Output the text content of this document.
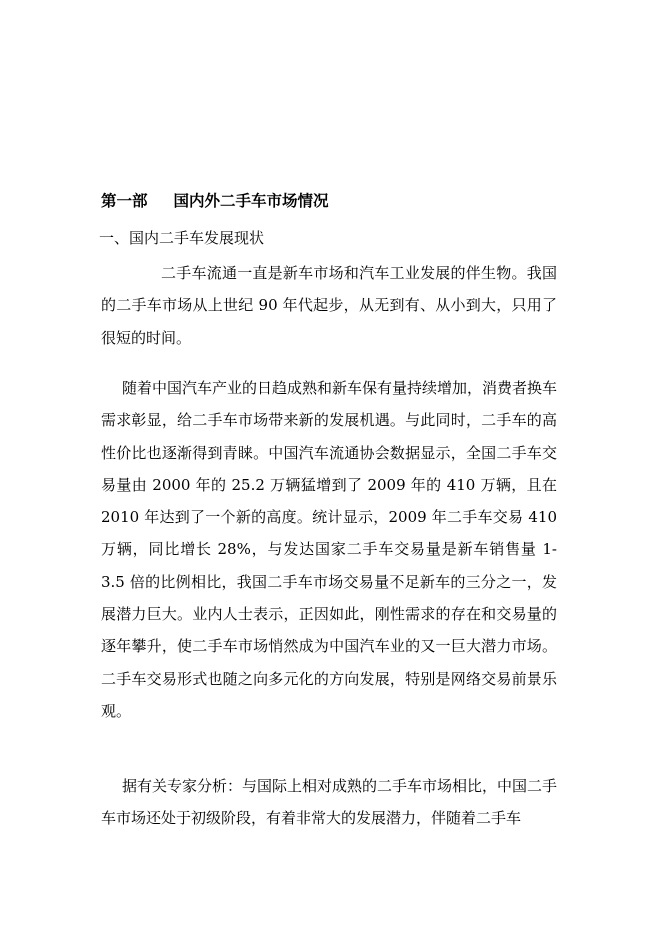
第一部 国内外二手车市场情况
一、国内二手车发展现状

二手车流通一直是新车市场和汽车工业发展的伴生物。我国的二手车市场从上世纪 90 年代起步，从无到有、从小到大，只用了很短的时间。

随着中国汽车产业的日趋成熟和新车保有量持续增加，消费者换车需求彰显，给二手车市场带来新的发展机遇。与此同时，二手车的高性价比也逐渐得到青睐。中国汽车流通协会数据显示，全国二手车交易量由 2000 年的 25.2 万辆猛增到了 2009 年的 410 万辆，且在 2010 年达到了一个新的高度。统计显示，2009 年二手车交易 410 万辆，同比增长 28%，与发达国家二手车交易量是新车销售量 1-3.5 倍的比例相比，我国二手车市场交易量不足新车的三分之一，发展潜力巨大。业内人士表示，正因如此，刚性需求的存在和交易量的逐年攀升，使二手车市场悄然成为中国汽车业的又一巨大潜力市场。二手车交易形式也随之向多元化的方向发展，特别是网络交易前景乐观。

据有关专家分析：与国际上相对成熟的二手车市场相比，中国二手车市场还处于初级阶段，有着非常大的发展潜力，伴随着二手车
